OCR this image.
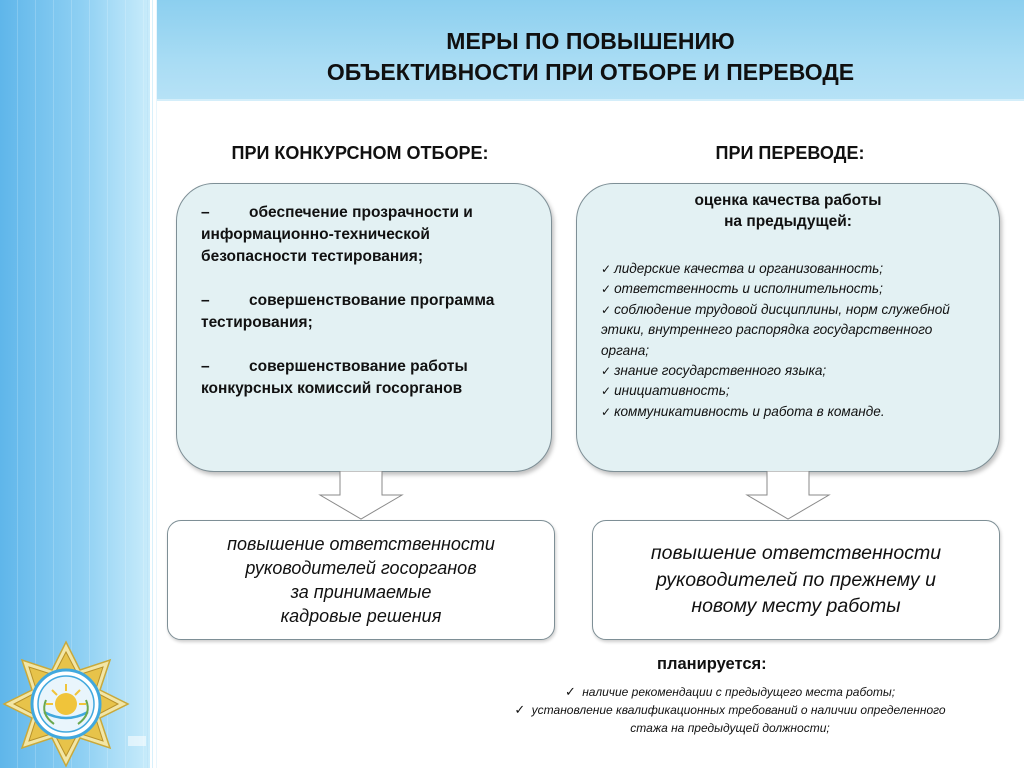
МЕРЫ ПО ПОВЫШЕНИЮ
ОБЪЕКТИВНОСТИ ПРИ ОТБОРЕ И ПЕРЕВОДЕ
ПРИ КОНКУРСНОМ ОТБОРЕ:
–	обеспечение прозрачности и информационно-технической безопасности тестирования;
–	совершенствование программа тестирования;
–	совершенствование работы конкурсных комиссий госорганов

повышение ответственности
руководителей госорганов
за принимаемые
кадровые решения

ПРИ ПЕРЕВОДЕ:

оценка качества работы
на предыдущей:

✓ лидерские качества и организованность;
✓ ответственность и исполнительность;
✓ соблюдение трудовой дисциплины, норм служебной этики, внутреннего распорядка государственного органа;
✓ знание государственного языка;
✓ инициативность;
✓ коммуникативность и работа в команде.

повышение ответственности
руководителей по прежнему и
новому месту работы

планируется:

✓ наличие рекомендации с предыдущего места работы;
✓ установление квалификационных требований о наличии определенного
стажа на предыдущей должности;
